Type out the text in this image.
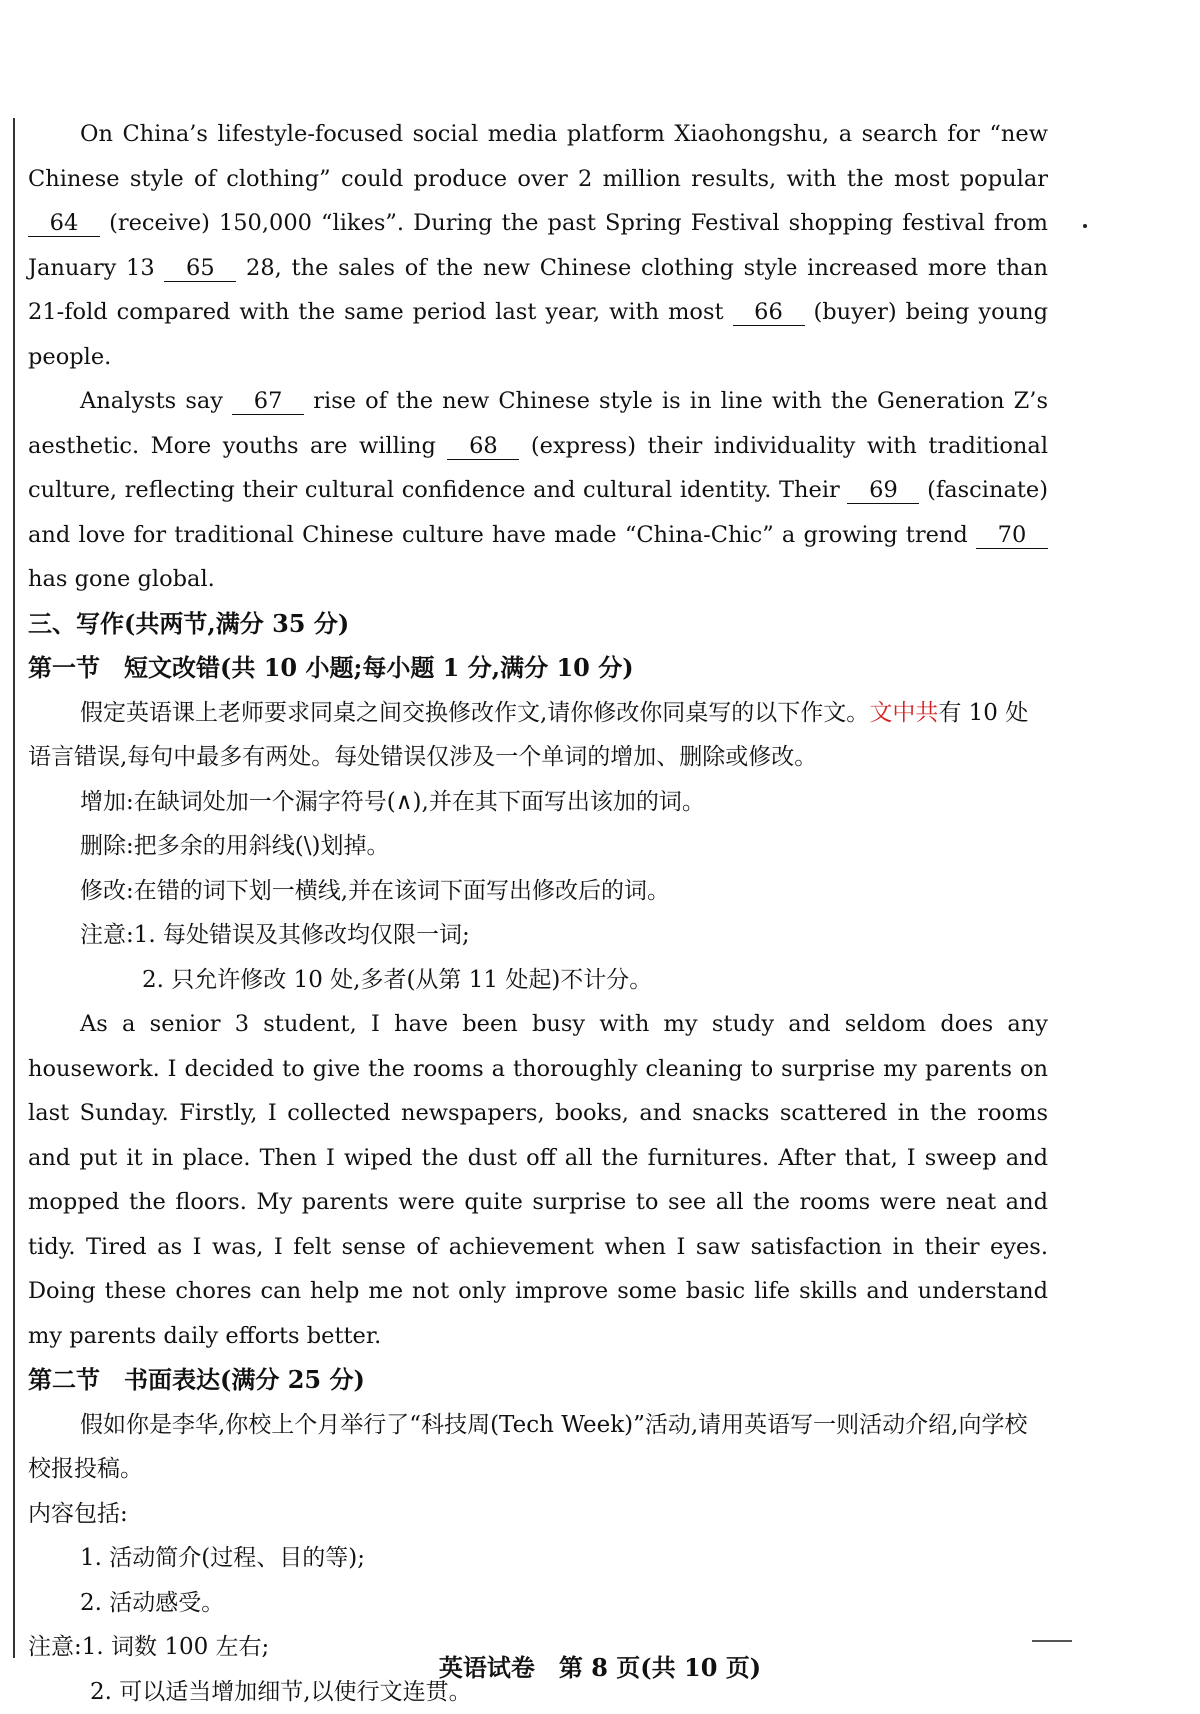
On China’s lifestyle-focused social media platform Xiaohongshu, a search for “new Chinese style of clothing” could produce over 2 million results, with the most popular 64 (receive) 150,000 “likes”. During the past Spring Festival shopping festival from January 13 65 28, the sales of the new Chinese clothing style increased more than 21-fold compared with the same period last year, with most 66 (buyer) being young people.

Analysts say 67 rise of the new Chinese style is in line with the Generation Z’s aesthetic. More youths are willing 68 (express) their individuality with traditional culture, reflecting their cultural confidence and cultural identity. Their 69 (fascinate) and love for traditional Chinese culture have made “China-Chic” a growing trend 70 has gone global.

三、写作(共两节,满分 35 分)

第一节　短文改错(共 10 小题;每小题 1 分,满分 10 分)

假定英语课上老师要求同桌之间交换修改作文,请你修改你同桌写的以下作文。文中共有 10 处语言错误,每句中最多有两处。每处错误仅涉及一个单词的增加、删除或修改。

增加:在缺词处加一个漏字符号(∧),并在其下面写出该加的词。

删除:把多余的用斜线(\)划掉。

修改:在错的词下划一横线,并在该词下面写出修改后的词。

注意:1. 每处错误及其修改均仅限一词;

2. 只允许修改 10 处,多者(从第 11 处起)不计分。

As a senior 3 student, I have been busy with my study and seldom does any housework. I decided to give the rooms a thoroughly cleaning to surprise my parents on last Sunday. Firstly, I collected newspapers, books, and snacks scattered in the rooms and put it in place. Then I wiped the dust off all the furnitures. After that, I sweep and mopped the floors. My parents were quite surprise to see all the rooms were neat and tidy. Tired as I was, I felt sense of achievement when I saw satisfaction in their eyes. Doing these chores can help me not only improve some basic life skills and understand my parents daily efforts better.

第二节　书面表达(满分 25 分)

假如你是李华,你校上个月举行了“科技周(Tech Week)”活动,请用英语写一则活动介绍,向学校校报投稿。

内容包括:

1. 活动简介(过程、目的等);

2. 活动感受。

注意:1. 词数 100 左右;

2. 可以适当增加细节,以使行文连贯。

英语试卷　第 8 页(共 10 页)
